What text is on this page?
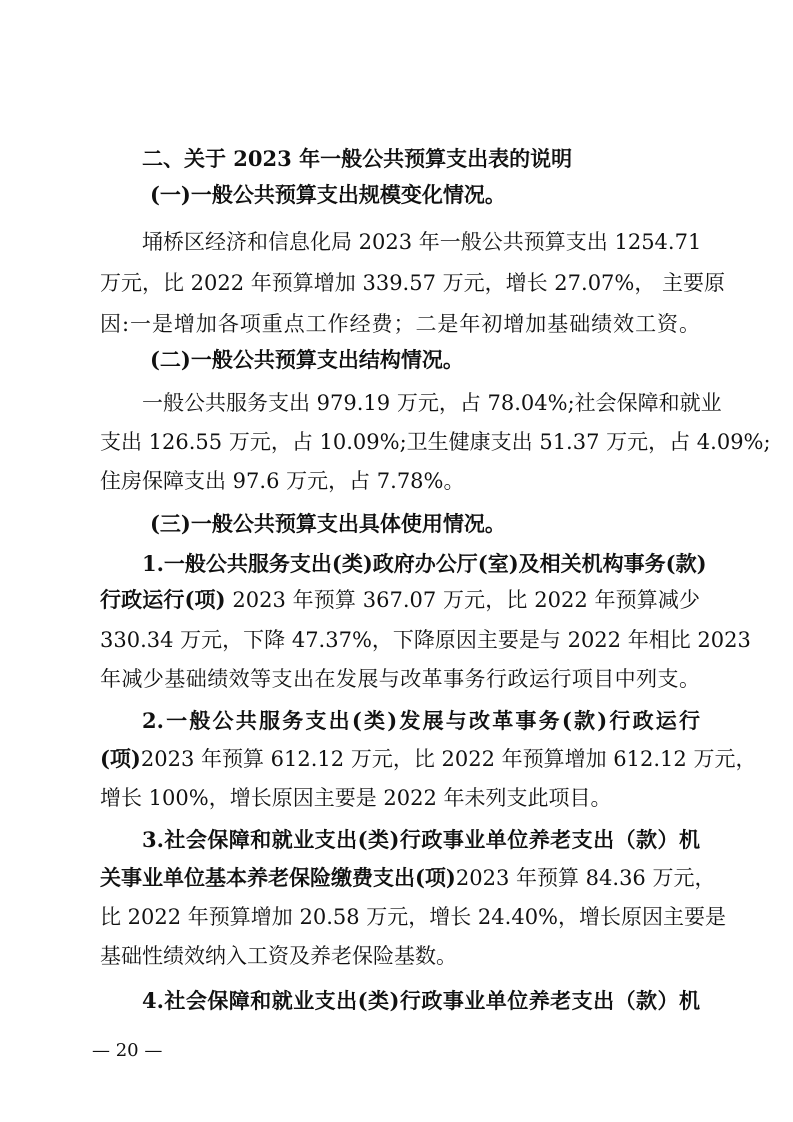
二、关于 2023 年一般公共预算支出表的说明
(一)一般公共预算支出规模变化情况。
埇桥区经济和信息化局 2023 年一般公共预算支出 1254.71
万元，比 2022 年预算增加 339.57 万元，增长 27.07%， 主要原
因:一是增加各项重点工作经费；二是年初增加基础绩效工资。
(二)一般公共预算支出结构情况。
一般公共服务支出 979.19 万元，占 78.04%;社会保障和就业
支出 126.55 万元，占 10.09%;卫生健康支出 51.37 万元，占 4.09%;
住房保障支出 97.6 万元，占 7.78%。
(三)一般公共预算支出具体使用情况。
1.一般公共服务支出(类)政府办公厅(室)及相关机构事务(款)
行政运行(项) 2023 年预算 367.07 万元，比 2022 年预算减少
330.34 万元，下降 47.37%，下降原因主要是与 2022 年相比 2023
年减少基础绩效等支出在发展与改革事务行政运行项目中列支。
2.一般公共服务支出(类)发展与改革事务(款)行政运行
(项)2023 年预算 612.12 万元，比 2022 年预算增加 612.12 万元，
增长 100%，增长原因主要是 2022 年未列支此项目。
3.社会保障和就业支出(类)行政事业单位养老支出（款）机
关事业单位基本养老保险缴费支出(项)2023 年预算 84.36 万元，
比 2022 年预算增加 20.58 万元，增长 24.40%，增长原因主要是
基础性绩效纳入工资及养老保险基数。
4.社会保障和就业支出(类)行政事业单位养老支出（款）机
— 20 —
